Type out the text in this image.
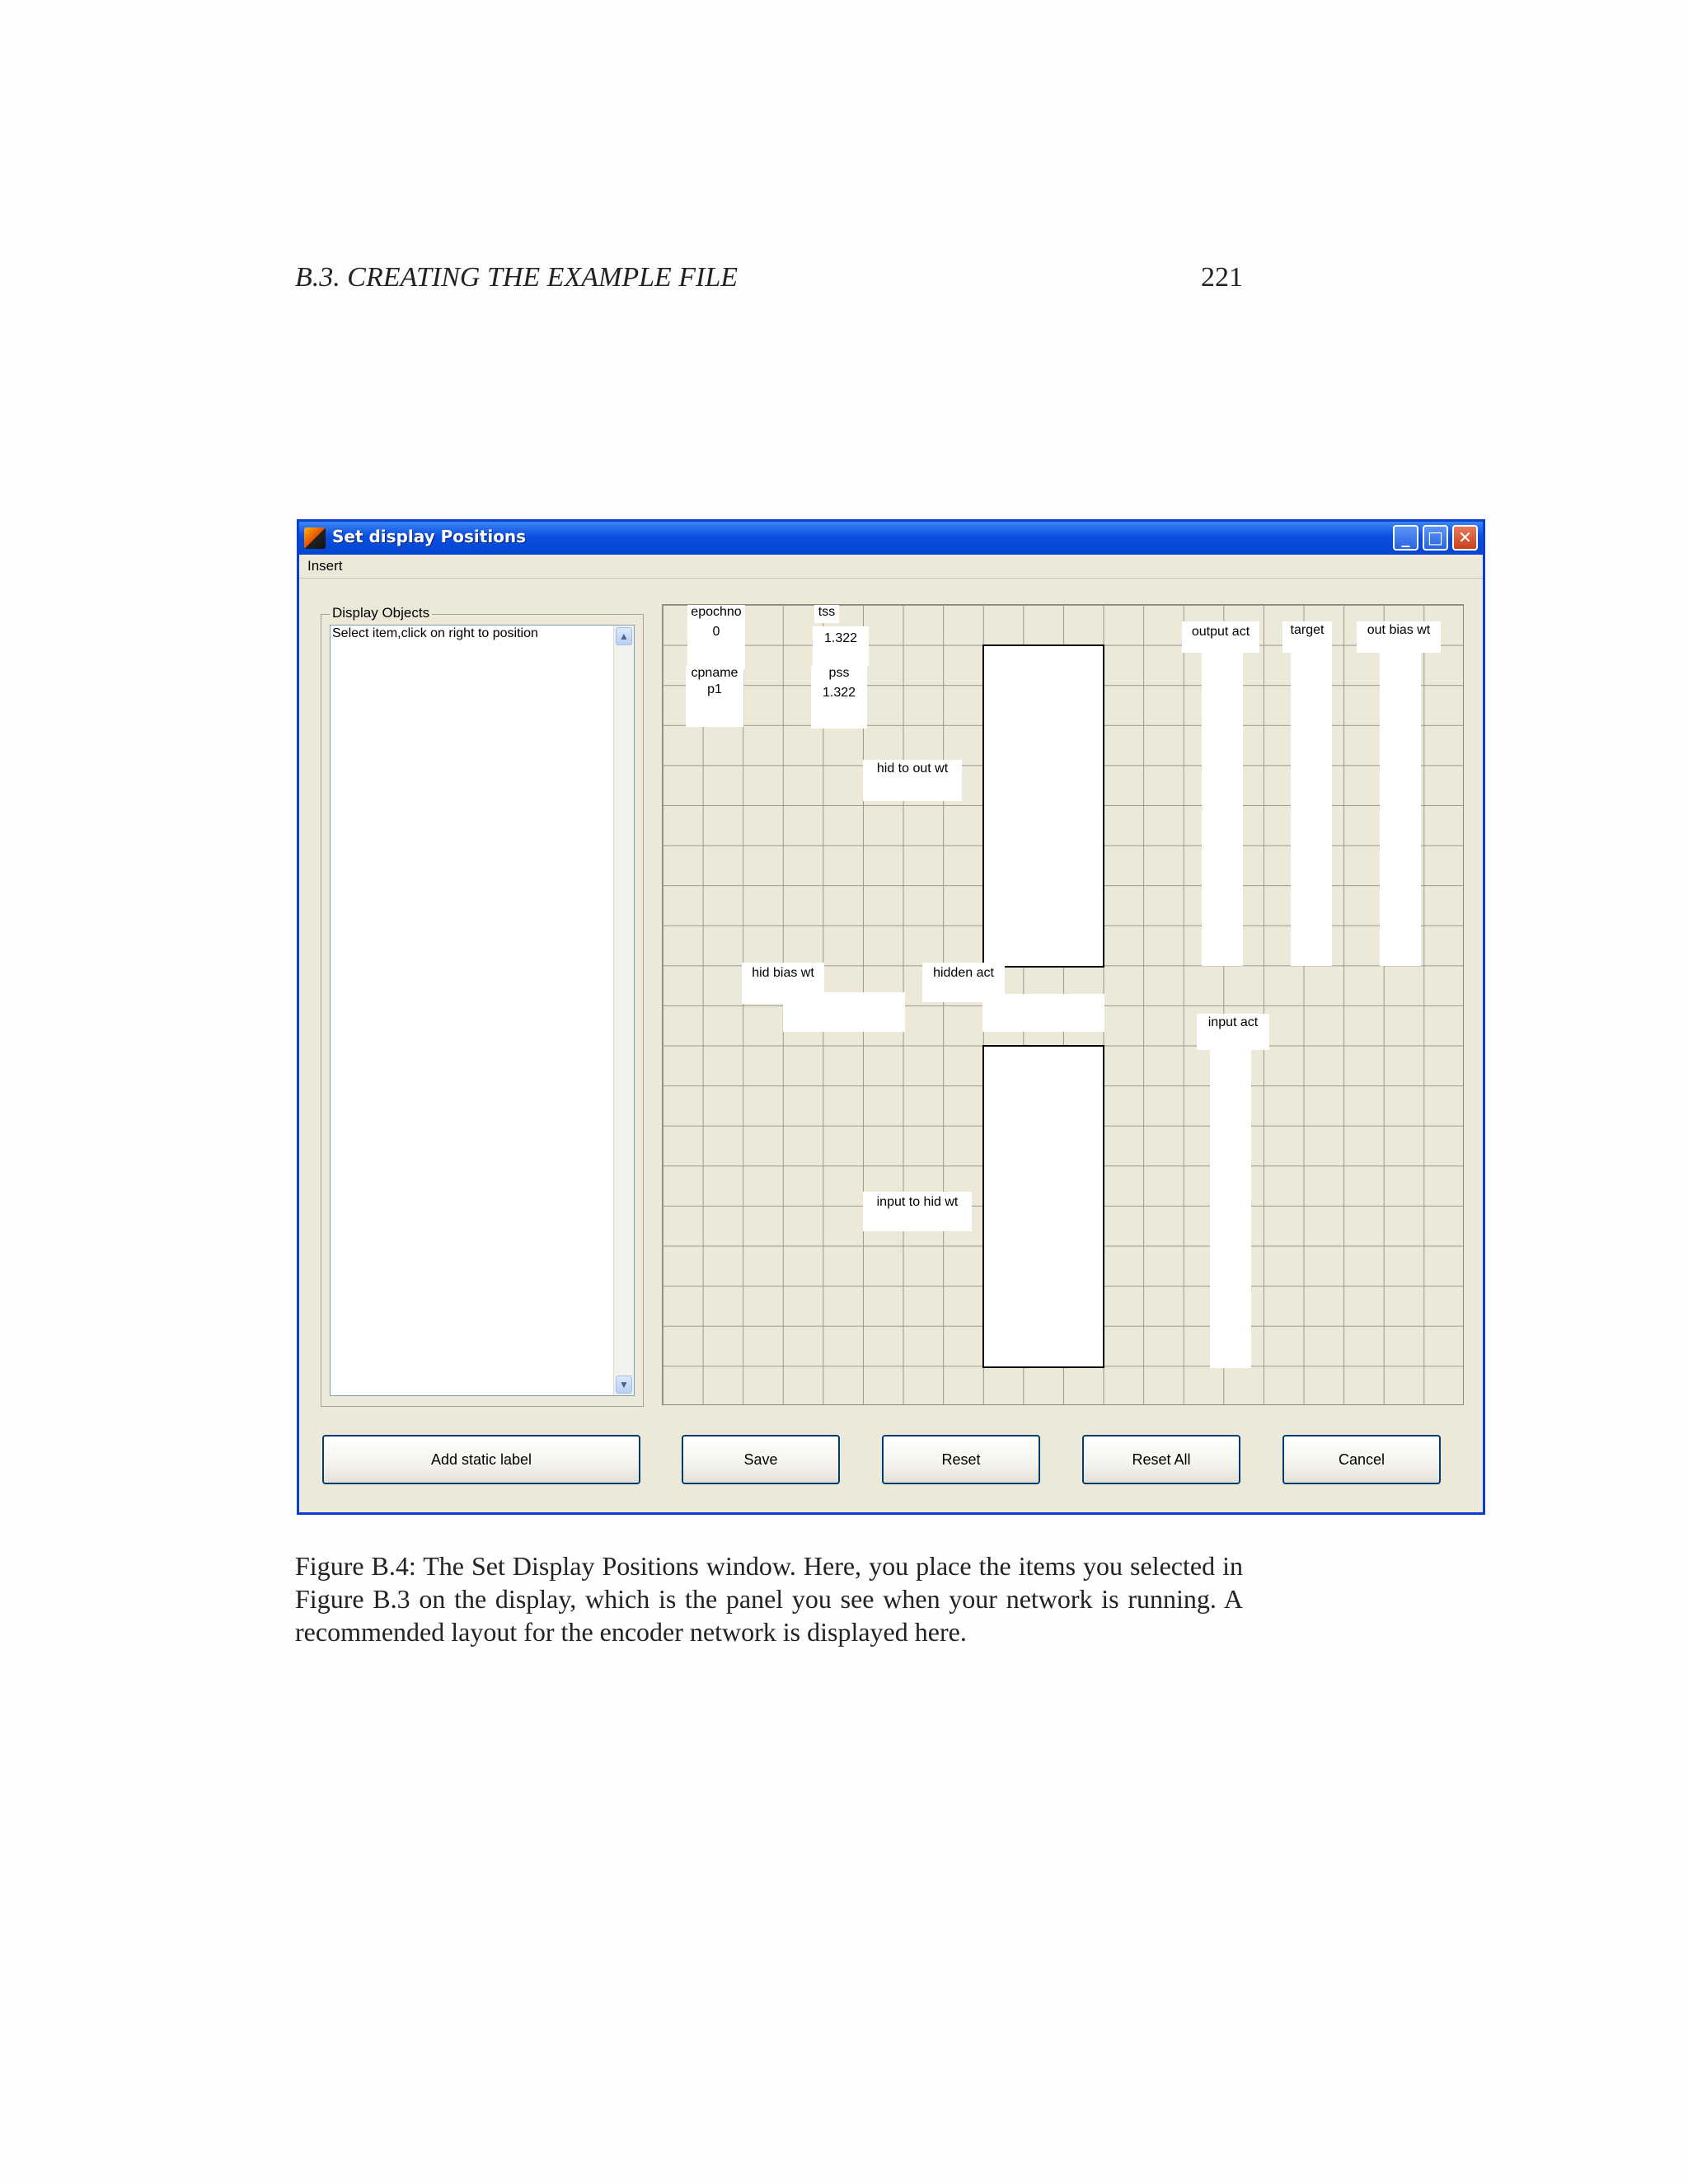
B.3. CREATING THE EXAMPLE FILE	221
Set display Positions	_	□ ✕
Insert
Display Objects
Select item,click on right to position	▲
▼
epochno
0
tss
1.322
cpname
p1
pss
1.322
hid to out wt
output act	target	out bias wt
hid bias wt	hidden act
input act
input to hid wt
Add static label	Save	Reset	Reset All	Cancel
Figure B.4: The Set Display Positions window. Here, you place the items you selected in Figure B.3 on the display, which is the panel you see when your network is running. A recommended layout for the encoder network is displayed here.
